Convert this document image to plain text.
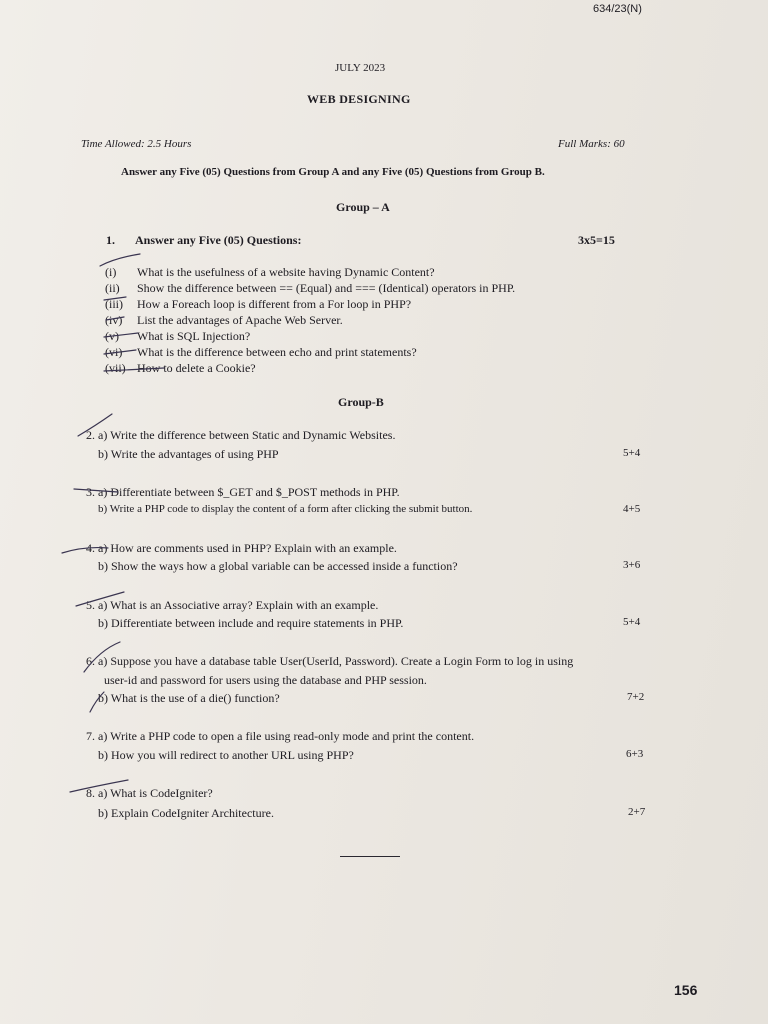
634/23(N)
JULY 2023
WEB DESIGNING
Time Allowed: 2.5 Hours	Full Marks: 60
Answer any Five (05) Questions from Group A and any Five (05) Questions from Group B.
Group – A
1. Answer any Five (05) Questions:	3x5=15
(i) What is the usefulness of a website having Dynamic Content?
(ii) Show the difference between == (Equal) and === (Identical) operators in PHP.
(iii) How a Foreach loop is different from a For loop in PHP?
(iv) List the advantages of Apache Web Server.
(v) What is SQL Injection?
(vi) What is the difference between echo and print statements?
(vii) How to delete a Cookie?
Group-B
2. a) Write the difference between Static and Dynamic Websites.
b) Write the advantages of using PHP	5+4
3. a) Differentiate between $_GET and $_POST methods in PHP.
b) Write a PHP code to display the content of a form after clicking the submit button.	4+5
4. a) How are comments used in PHP? Explain with an example.
b) Show the ways how a global variable can be accessed inside a function?	3+6
5. a) What is an Associative array? Explain with an example.
b) Differentiate between include and require statements in PHP.	5+4
6. a) Suppose you have a database table User(UserId, Password). Create a Login Form to log in using
user-id and password for users using the database and PHP session.
b) What is the use of a die() function?	7+2
7. a) Write a PHP code to open a file using read-only mode and print the content.
b) How you will redirect to another URL using PHP?	6+3
8. a) What is CodeIgniter?
b) Explain CodeIgniter Architecture.	2+7
156
